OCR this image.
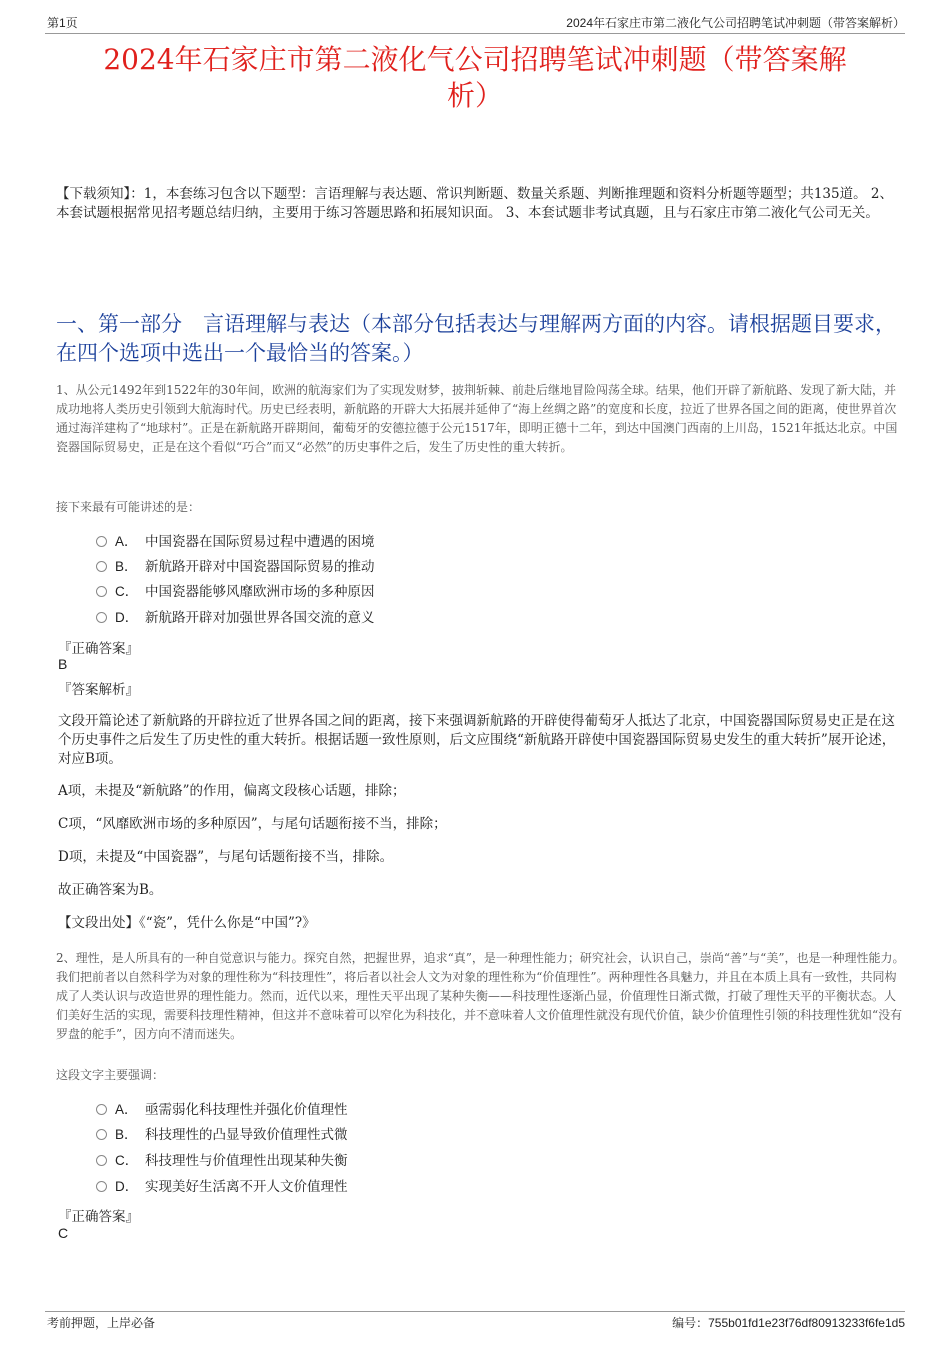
第1页	2024年石家庄市第二液化气公司招聘笔试冲刺题（带答案解析）
2024年石家庄市第二液化气公司招聘笔试冲刺题（带答案解
析）
【下载须知】：1，本套练习包含以下题型：言语理解与表达题、常识判断题、数量关系题、判断推理题和资料分析题等题型；共135道。 2、本套试题根据常见招考题总结归纳，主要用于练习答题思路和拓展知识面。 3、本套试题非考试真题，且与石家庄市第二液化气公司无关。
一、第一部分　言语理解与表达（本部分包括表达与理解两方面的内容。请根据题目要求，在四个选项中选出一个最恰当的答案。）
1、从公元1492年到1522年的30年间，欧洲的航海家们为了实现发财梦，披荆斩棘、前赴后继地冒险闯荡全球。结果，他们开辟了新航路、发现了新大陆，并成功地将人类历史引领到大航海时代。历史已经表明，新航路的开辟大大拓展并延伸了“海上丝绸之路”的宽度和长度，拉近了世界各国之间的距离，使世界首次通过海洋建构了“地球村”。正是在新航路开辟期间，葡萄牙的安德拉德于公元1517年，即明正德十二年，到达中国澳门西南的上川岛，1521年抵达北京。中国瓷器国际贸易史，正是在这个看似“巧合”而又“必然”的历史事件之后，发生了历史性的重大转折。
接下来最有可能讲述的是：
A． 中国瓷器在国际贸易过程中遭遇的困境
B． 新航路开辟对中国瓷器国际贸易的推动
C． 中国瓷器能够风靡欧洲市场的多种原因
D． 新航路开辟对加强世界各国交流的意义
『正确答案』
B
『答案解析』
文段开篇论述了新航路的开辟拉近了世界各国之间的距离，接下来强调新航路的开辟使得葡萄牙人抵达了北京，中国瓷器国际贸易史正是在这个历史事件之后发生了历史性的重大转折。根据话题一致性原则，后文应围绕“新航路开辟使中国瓷器国际贸易史发生的重大转折”展开论述，对应B项。
A项，未提及“新航路”的作用，偏离文段核心话题，排除；
C项，“风靡欧洲市场的多种原因”，与尾句话题衔接不当，排除；
D项，未提及“中国瓷器”，与尾句话题衔接不当，排除。
故正确答案为B。
【文段出处】《“瓷”，凭什么你是“中国”?》
2、理性，是人所具有的一种自觉意识与能力。探究自然，把握世界，追求“真”，是一种理性能力；研究社会，认识自己，崇尚“善”与“美”，也是一种理性能力。我们把前者以自然科学为对象的理性称为“科技理性”，将后者以社会人文为对象的理性称为“价值理性”。两种理性各具魅力，并且在本质上具有一致性，共同构成了人类认识与改造世界的理性能力。然而，近代以来，理性天平出现了某种失衡——科技理性逐渐凸显，价值理性日渐式微，打破了理性天平的平衡状态。人们美好生活的实现，需要科技理性精神，但这并不意味着可以窄化为科技化，并不意味着人文价值理性就没有现代价值，缺少价值理性引领的科技理性犹如“没有罗盘的舵手”，因方向不清而迷失。
这段文字主要强调：
A． 亟需弱化科技理性并强化价值理性
B． 科技理性的凸显导致价值理性式微
C． 科技理性与价值理性出现某种失衡
D． 实现美好生活离不开人文价值理性
『正确答案』
C
考前押题，上岸必备	编号：755b01fd1e23f76df80913233f6fe1d5
